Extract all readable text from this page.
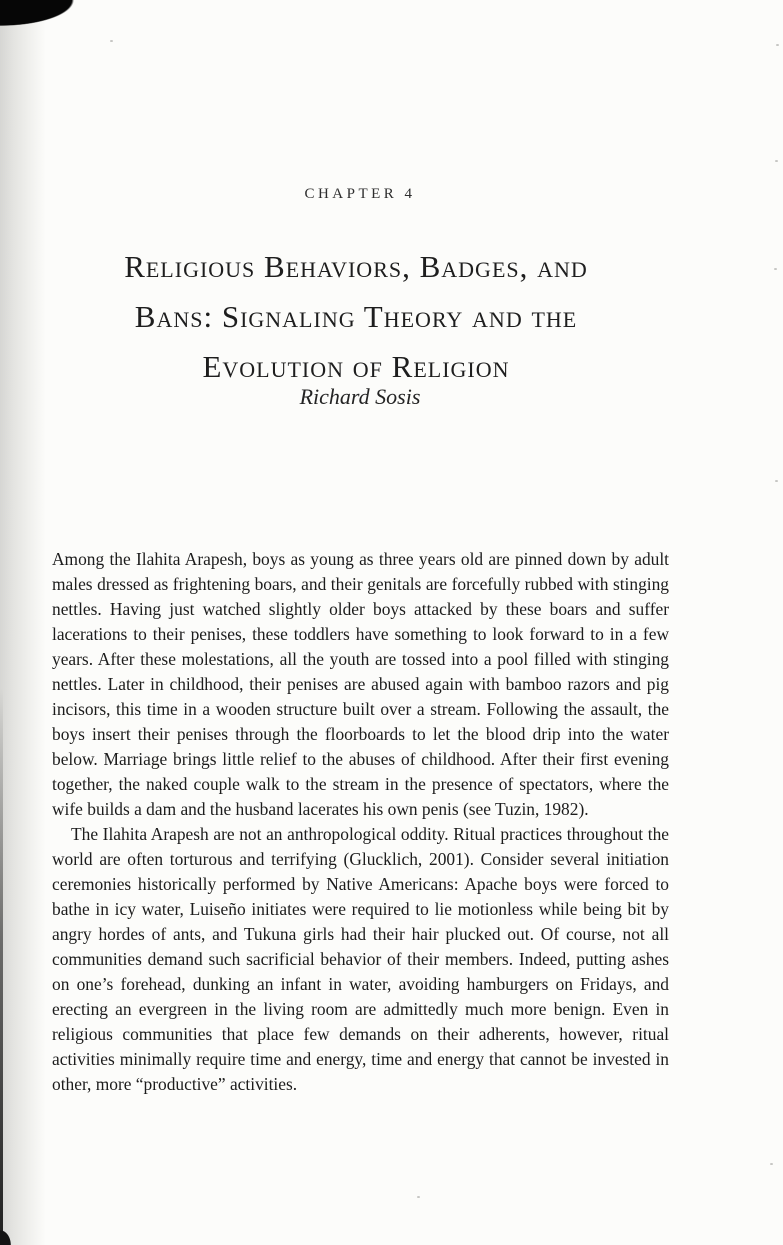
CHAPTER 4
Religious Behaviors, Badges, and
Bans: Signaling Theory and the
Evolution of Religion
Richard Sosis

Among the Ilahita Arapesh, boys as young as three years old are pinned down by adult males dressed as frightening boars, and their genitals are forcefully rubbed with stinging nettles. Having just watched slightly older boys attacked by these boars and suffer lacerations to their penises, these toddlers have something to look forward to in a few years. After these molestations, all the youth are tossed into a pool filled with stinging nettles. Later in childhood, their penises are abused again with bamboo razors and pig incisors, this time in a wooden structure built over a stream. Following the assault, the boys insert their penises through the floorboards to let the blood drip into the water below. Marriage brings little relief to the abuses of childhood. After their first evening together, the naked couple walk to the stream in the presence of spectators, where the wife builds a dam and the husband lacerates his own penis (see Tuzin, 1982).

The Ilahita Arapesh are not an anthropological oddity. Ritual practices throughout the world are often torturous and terrifying (Glucklich, 2001). Consider several initiation ceremonies historically performed by Native Americans: Apache boys were forced to bathe in icy water, Luiseño initiates were required to lie motionless while being bit by angry hordes of ants, and Tukuna girls had their hair plucked out. Of course, not all communities demand such sacrificial behavior of their members. Indeed, putting ashes on one’s forehead, dunking an infant in water, avoiding hamburgers on Fridays, and erecting an evergreen in the living room are admittedly much more benign. Even in religious communities that place few demands on their adherents, however, ritual activities minimally require time and energy, time and energy that cannot be invested in other, more “productive” activities.
